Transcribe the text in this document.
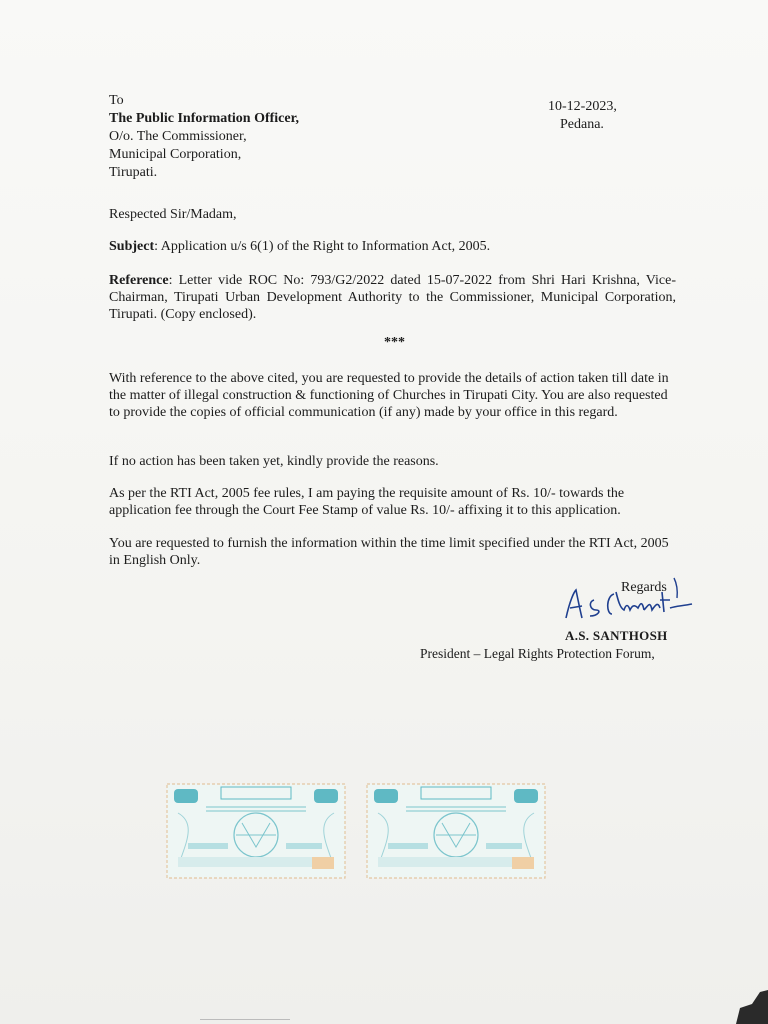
To
The Public Information Officer,
O/o. The Commissioner,
Municipal Corporation,
Tirupati.
10-12-2023,
Pedana.
Respected Sir/Madam,
Subject: Application u/s 6(1) of the Right to Information Act, 2005.
Reference: Letter vide ROC No: 793/G2/2022 dated 15-07-2022 from Shri Hari Krishna, Vice-Chairman, Tirupati Urban Development Authority to the Commissioner, Municipal Corporation, Tirupati. (Copy enclosed).
***
With reference to the above cited, you are requested to provide the details of action taken till date in the matter of illegal construction & functioning of Churches in Tirupati City. You are also requested to provide the copies of official communication (if any) made by your office in this regard.
If no action has been taken yet, kindly provide the reasons.
As per the RTI Act, 2005 fee rules, I am paying the requisite amount of Rs. 10/- towards the application fee through the Court Fee Stamp of value Rs. 10/- affixing it to this application.
You are requested to furnish the information within the time limit specified under the RTI Act, 2005 in English Only.
Regards
A.S. SANTHOSH
President – Legal Rights Protection Forum,
